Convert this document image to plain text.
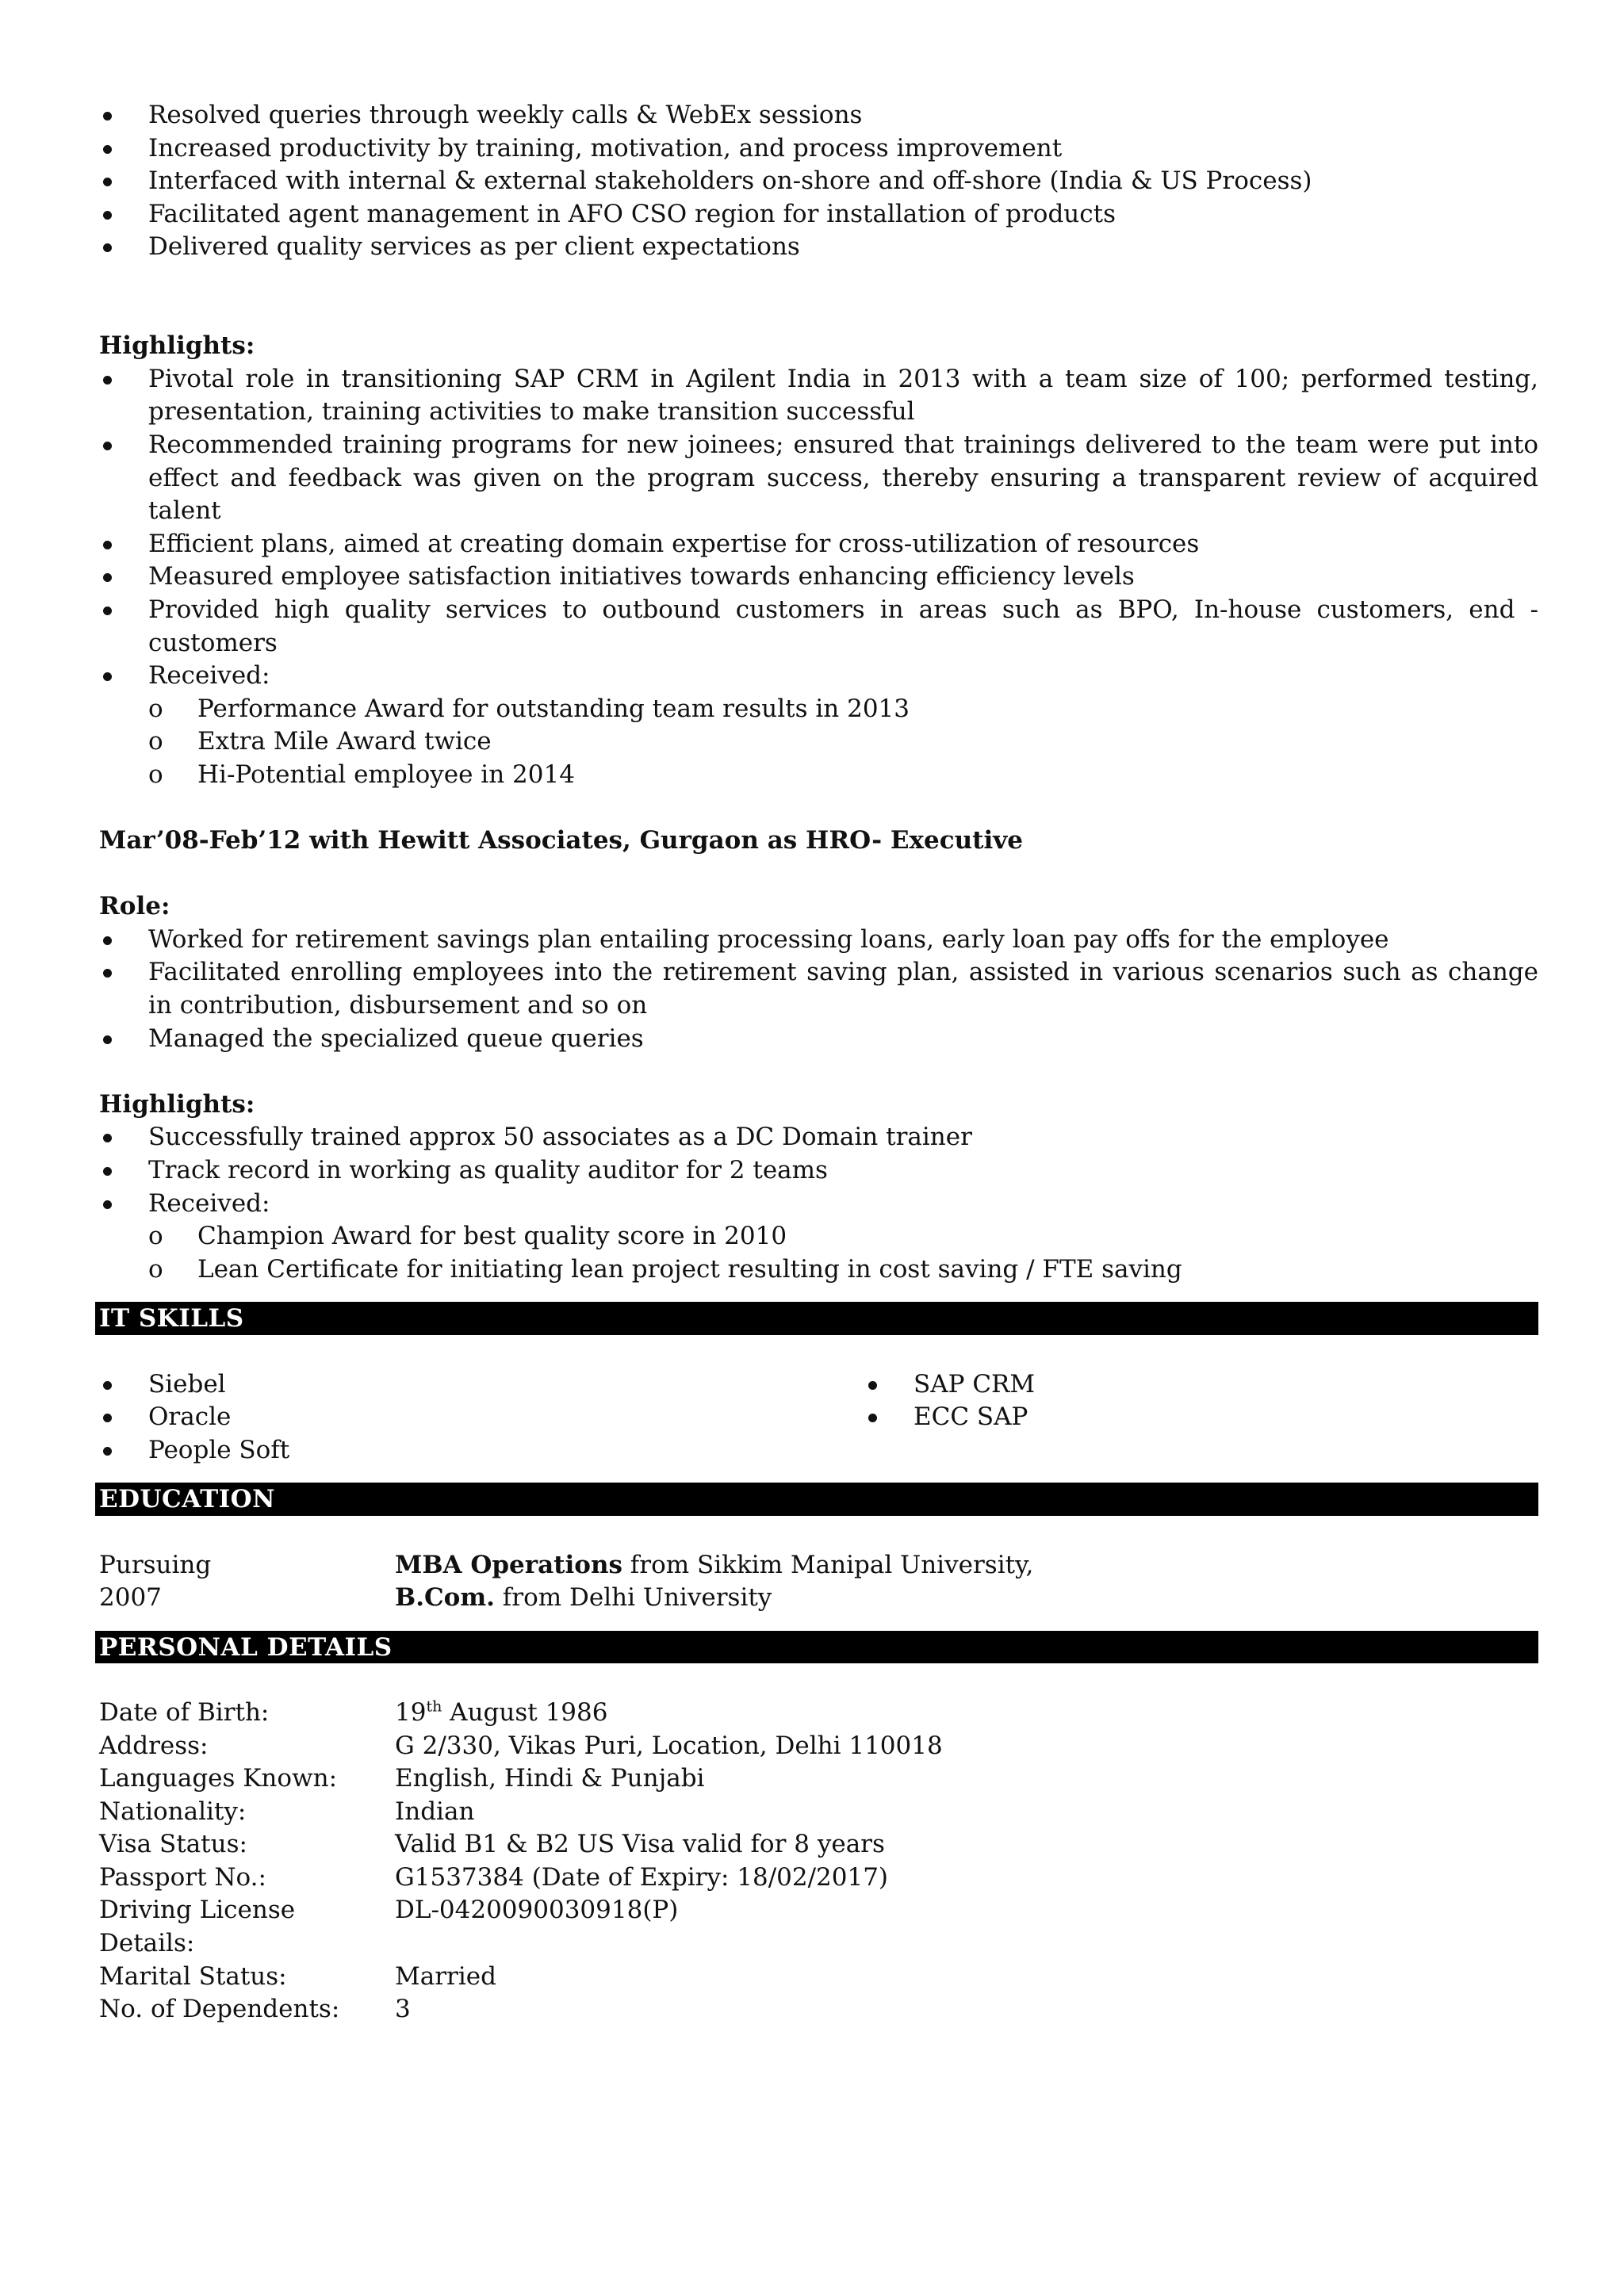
Resolved queries through weekly calls & WebEx sessions
Increased productivity by training, motivation, and process improvement
Interfaced with internal & external stakeholders on-shore and off-shore (India & US Process)
Facilitated agent management in AFO CSO region for installation of products
Delivered quality services as per client expectations
Highlights:
Pivotal role in transitioning SAP CRM in Agilent India in 2013 with a team size of 100; performed testing, presentation, training activities to make transition successful
Recommended training programs for new joinees; ensured that trainings delivered to the team were put into effect and feedback was given on the program success, thereby ensuring a transparent review of acquired talent
Efficient plans, aimed at creating domain expertise for cross-utilization of resources
Measured employee satisfaction initiatives towards enhancing efficiency levels
Provided high quality services to outbound customers in areas such as BPO, In-house customers, end -customers
Received:
o Performance Award for outstanding team results in 2013
o Extra Mile Award twice
o Hi-Potential employee in 2014
Mar’08-Feb’12 with Hewitt Associates, Gurgaon as HRO- Executive
Role:
Worked for retirement savings plan entailing processing loans, early loan pay offs for the employee
Facilitated enrolling employees into the retirement saving plan, assisted in various scenarios such as change in contribution, disbursement and so on
Managed the specialized queue queries
Highlights:
Successfully trained approx 50 associates as a DC Domain trainer
Track record in working as quality auditor for 2 teams
Received:
o Champion Award for best quality score in 2010
o Lean Certificate for initiating lean project resulting in cost saving / FTE saving
IT SKILLS
Siebel
Oracle
People Soft
SAP CRM
ECC SAP
EDUCATION
Pursuing	MBA Operations from Sikkim Manipal University,
2007	B.Com. from Delhi University
PERSONAL DETAILS
Date of Birth:	19th August 1986
Address:	G 2/330, Vikas Puri, Location, Delhi 110018
Languages Known:	English, Hindi & Punjabi
Nationality:	Indian
Visa Status:	Valid B1 & B2 US Visa valid for 8 years
Passport No.:	G1537384 (Date of Expiry: 18/02/2017)
Driving License Details:
DL-0420090030918(P)
Marital Status:	Married
No. of Dependents:	3
